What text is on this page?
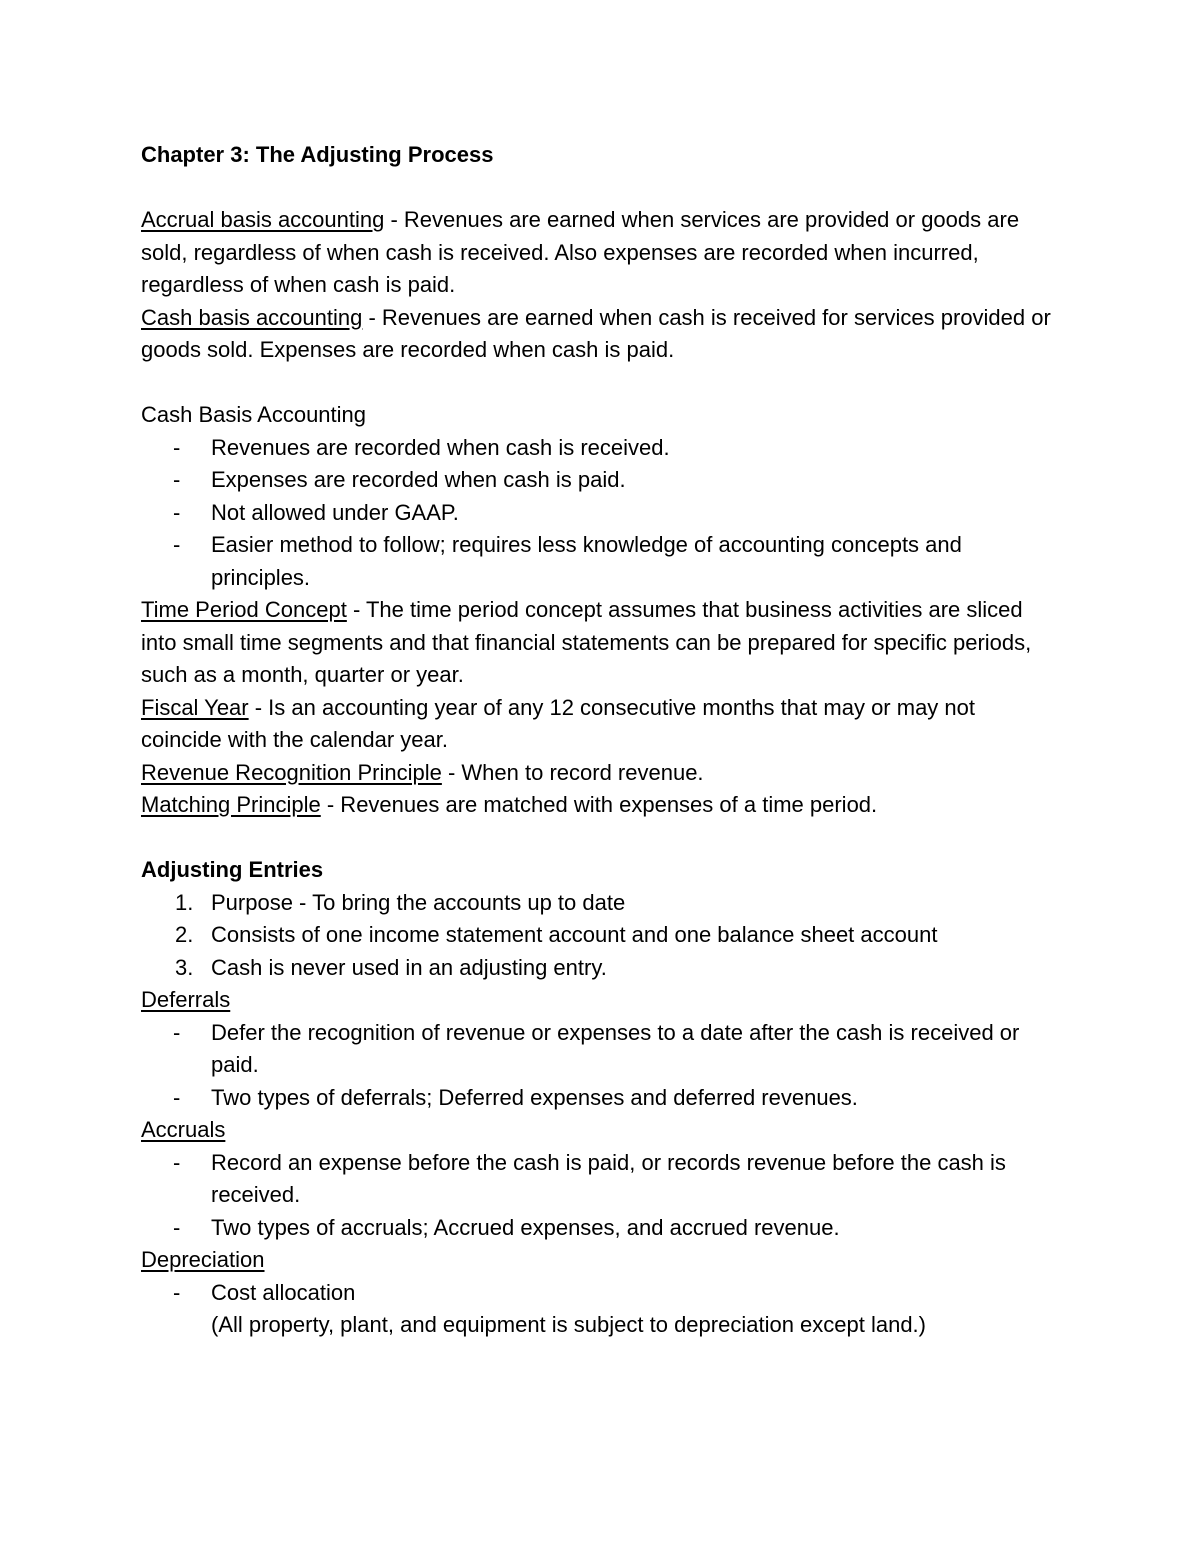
Chapter 3: The Adjusting Process

Accrual basis accounting - Revenues are earned when services are provided or goods are sold, regardless of when cash is received. Also expenses are recorded when incurred, regardless of when cash is paid.

Cash basis accounting - Revenues are earned when cash is received for services provided or goods sold. Expenses are recorded when cash is paid.

Cash Basis Accounting

- Revenues are recorded when cash is received.
- Expenses are recorded when cash is paid.
- Not allowed under GAAP.
- Easier method to follow; requires less knowledge of accounting concepts and principles.

Time Period Concept - The time period concept assumes that business activities are sliced into small time segments and that financial statements can be prepared for specific periods, such as a month, quarter or year.

Fiscal Year - Is an accounting year of any 12 consecutive months that may or may not coincide with the calendar year.

Revenue Recognition Principle - When to record revenue.

Matching Principle - Revenues are matched with expenses of a time period.

Adjusting Entries

1. Purpose - To bring the accounts up to date
2. Consists of one income statement account and one balance sheet account
3. Cash is never used in an adjusting entry.

Deferrals

- Defer the recognition of revenue or expenses to a date after the cash is received or paid.
- Two types of deferrals; Deferred expenses and deferred revenues.

Accruals

- Record an expense before the cash is paid, or records revenue before the cash is received.
- Two types of accruals; Accrued expenses, and accrued revenue.

Depreciation

- Cost allocation

(All property, plant, and equipment is subject to depreciation except land.)
